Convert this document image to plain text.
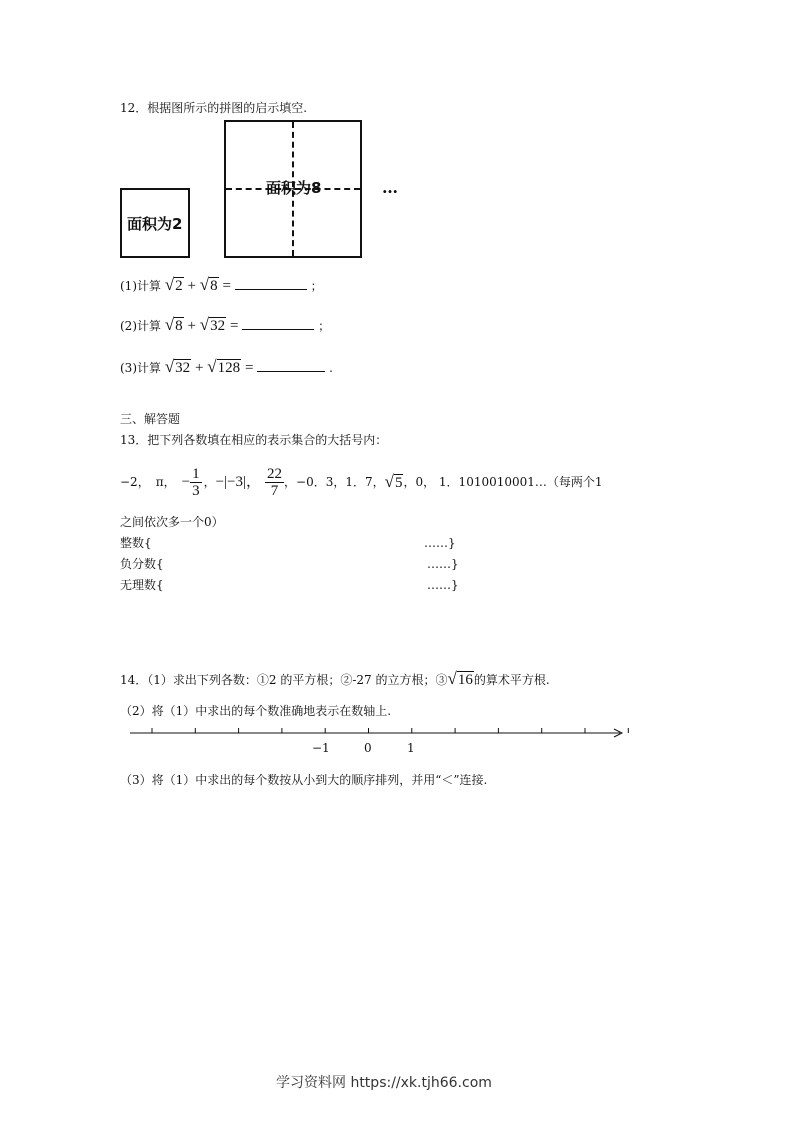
12．根据图所示的拼图的启示填空.
面积为2
面积为8	…
(1)计算 √2 + √8 =	；
(2)计算 √8 + √32 =	；
(3)计算 √32 + √128 =	.
三、解答题
13．把下列各数填在相应的表示集合的大括号内：
−2， π， − $\frac{1}{3}$ ， −|−3|， $\frac{22}{7}$ ，−0．3，1．7， √5 ，0， 1．1010010001…（每两个1
之间依次多一个0）
整数{	……}
负分数{	……}
无理数{	……}
14．（1）求出下列各数：①2 的平方根；②-27 的立方根；③ √16 的算术平方根.
（2）将（1）中求出的每个数准确地表示在数轴上.
−1	0	1
（3）将（1）中求出的每个数按从小到大的顺序排列，并用“＜”连接.
学习资料网 https://xk.tjh66.com
